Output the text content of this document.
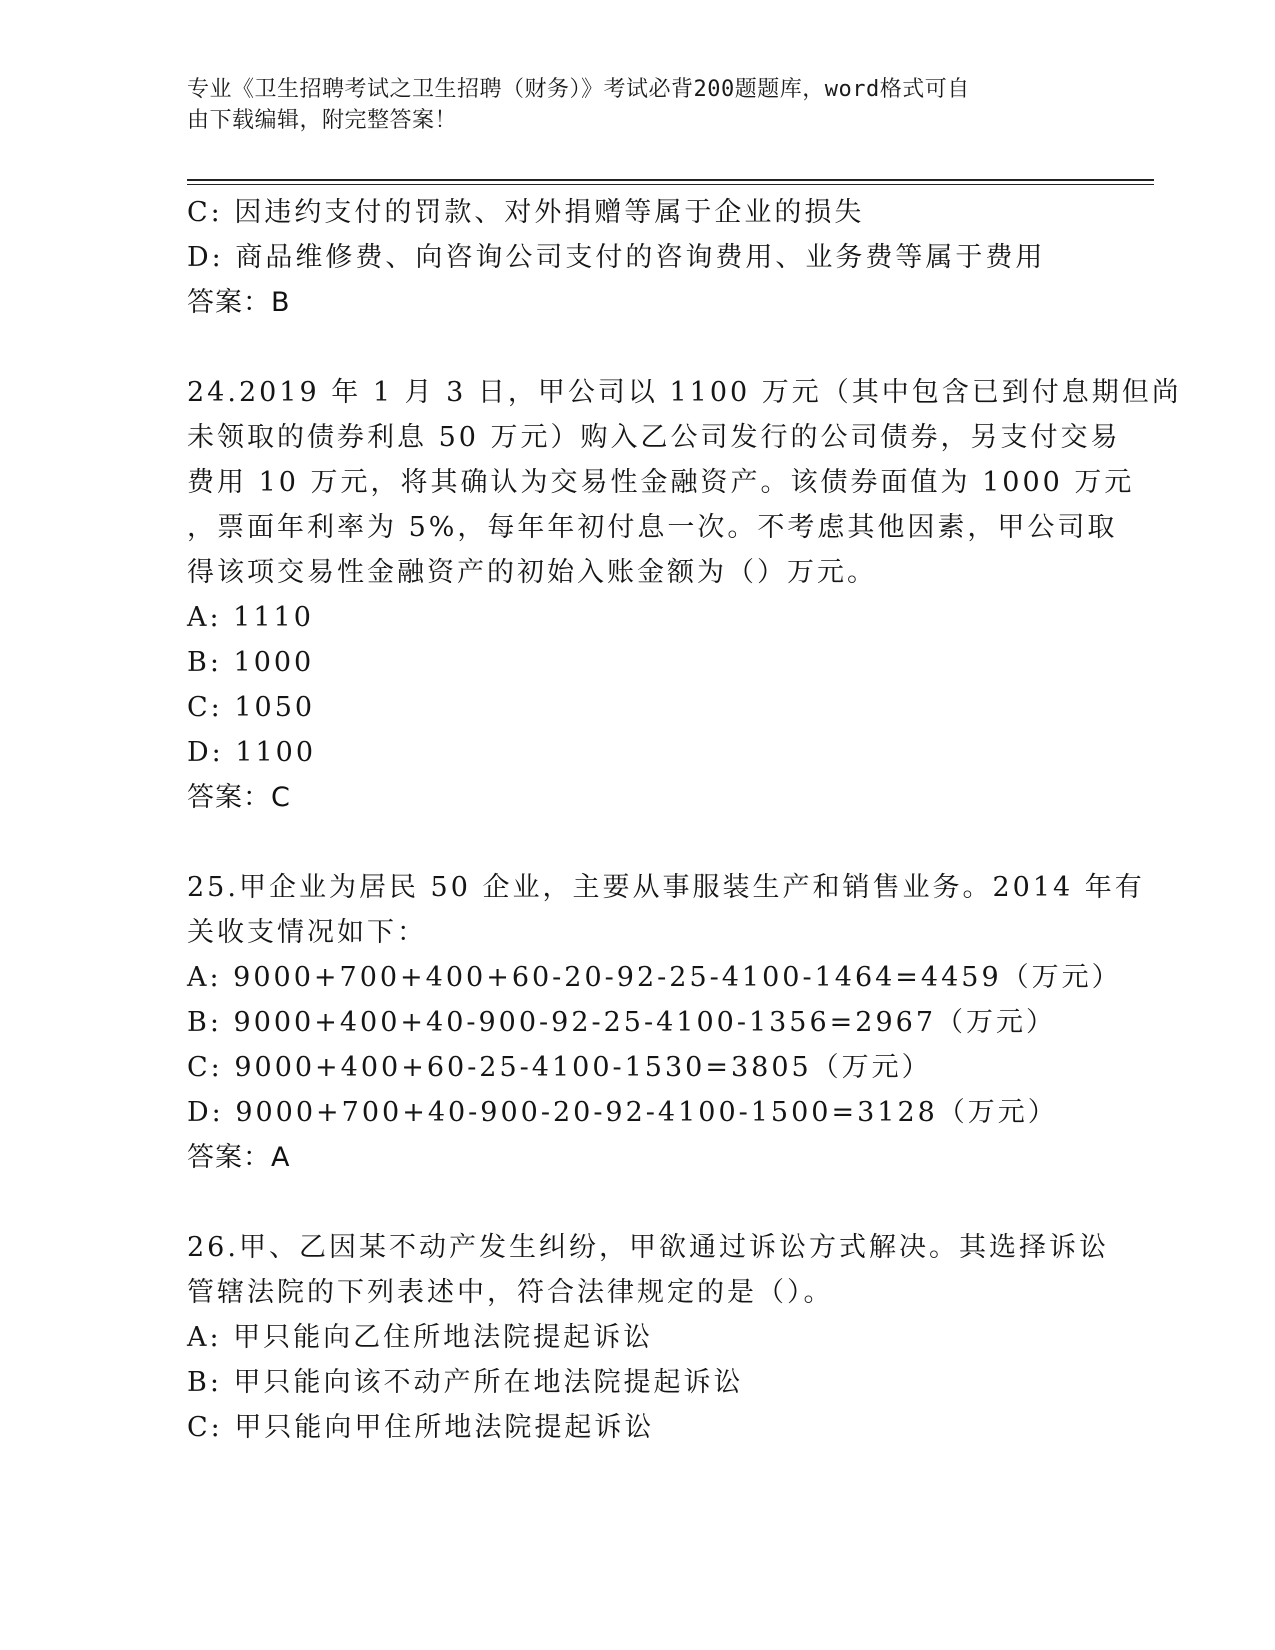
专业《卫生招聘考试之卫生招聘（财务）》考试必背200题题库，word格式可自
由下载编辑，附完整答案！
C: 因违约支付的罚款、对外捐赠等属于企业的损失
D: 商品维修费、向咨询公司支付的咨询费用、业务费等属于费用
答案：B
24.2019 年 1 月 3 日，甲公司以 1100 万元（其中包含已到付息期但尚
未领取的债券利息 50 万元）购入乙公司发行的公司债券，另支付交易
费用 10 万元，将其确认为交易性金融资产。该债券面值为 1000 万元
，票面年利率为 5%，每年年初付息一次。不考虑其他因素，甲公司取
得该项交易性金融资产的初始入账金额为（）万元。
A: 1110
B: 1000
C: 1050
D: 1100
答案：C
25.甲企业为居民 50 企业，主要从事服装生产和销售业务。2014 年有
关收支情况如下：
A: 9000+700+400+60-20-92-25-4100-1464=4459（万元）
B: 9000+400+40-900-92-25-4100-1356=2967（万元）
C: 9000+400+60-25-4100-1530=3805（万元）
D: 9000+700+40-900-20-92-4100-1500=3128（万元）
答案：A
26.甲、乙因某不动产发生纠纷，甲欲通过诉讼方式解决。其选择诉讼
管辖法院的下列表述中，符合法律规定的是（）。
A: 甲只能向乙住所地法院提起诉讼
B: 甲只能向该不动产所在地法院提起诉讼
C: 甲只能向甲住所地法院提起诉讼
